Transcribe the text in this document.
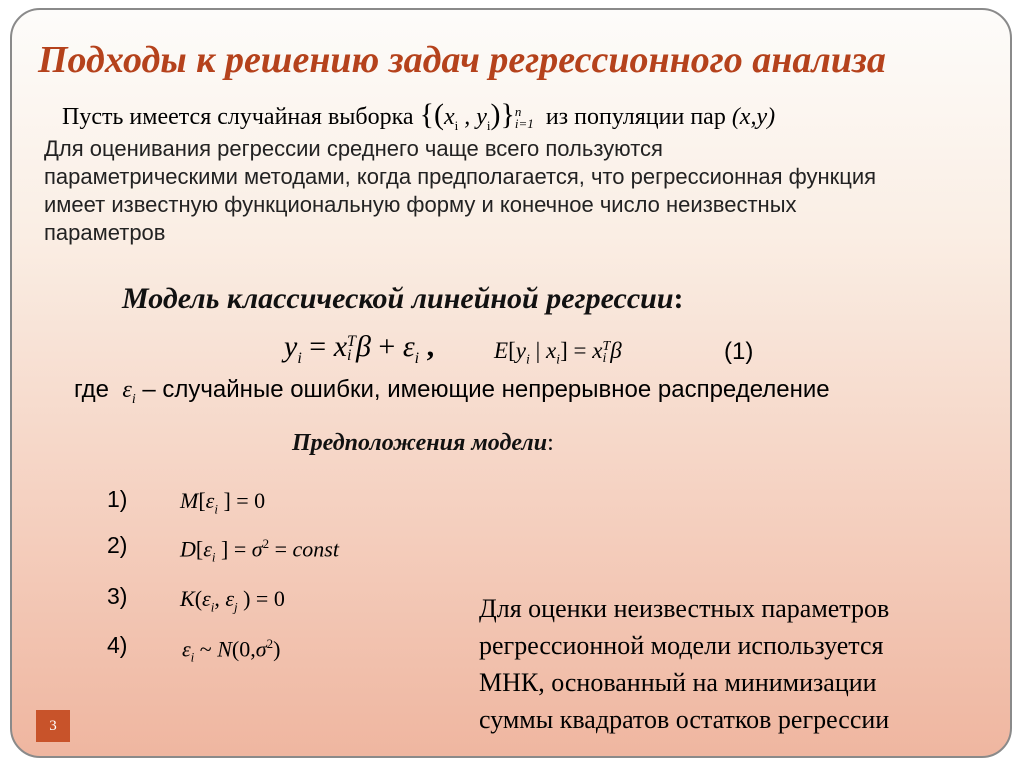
Подходы к решению задач регрессионного анализа
Пусть имеется случайная выборка {($x_i$ , $y_i$)} n
i=1 из популяции пар (x,y)
Для оценивания регрессии среднего чаще всего пользуются
параметрическими методами, когда предполагается, что регрессионная функция
имеет известную функциональную форму и конечное число неизвестных
параметров
Модель классической линейной регрессии:
$y_i = x$ T
i $\beta + \varepsilon_i$ ,	$E[y_i$ | $x_i] = x$ T
i β	(1)
где $\varepsilon_i$ – случайные ошибки, имеющие непрерывное распределение
Предположения модели:
1) $M[\varepsilon_i$ ] = 0
2) $D[\varepsilon_i$ ] = $\sigma^2$ = const
3) $K(\varepsilon_i$, $\varepsilon_j$ ) = 0
4) $\varepsilon_i$ ~ $N(0,\sigma^2)$
Для оценки неизвестных параметров
регрессионной модели используется
МНК, основанный на минимизации
суммы квадратов остатков регрессии
3
